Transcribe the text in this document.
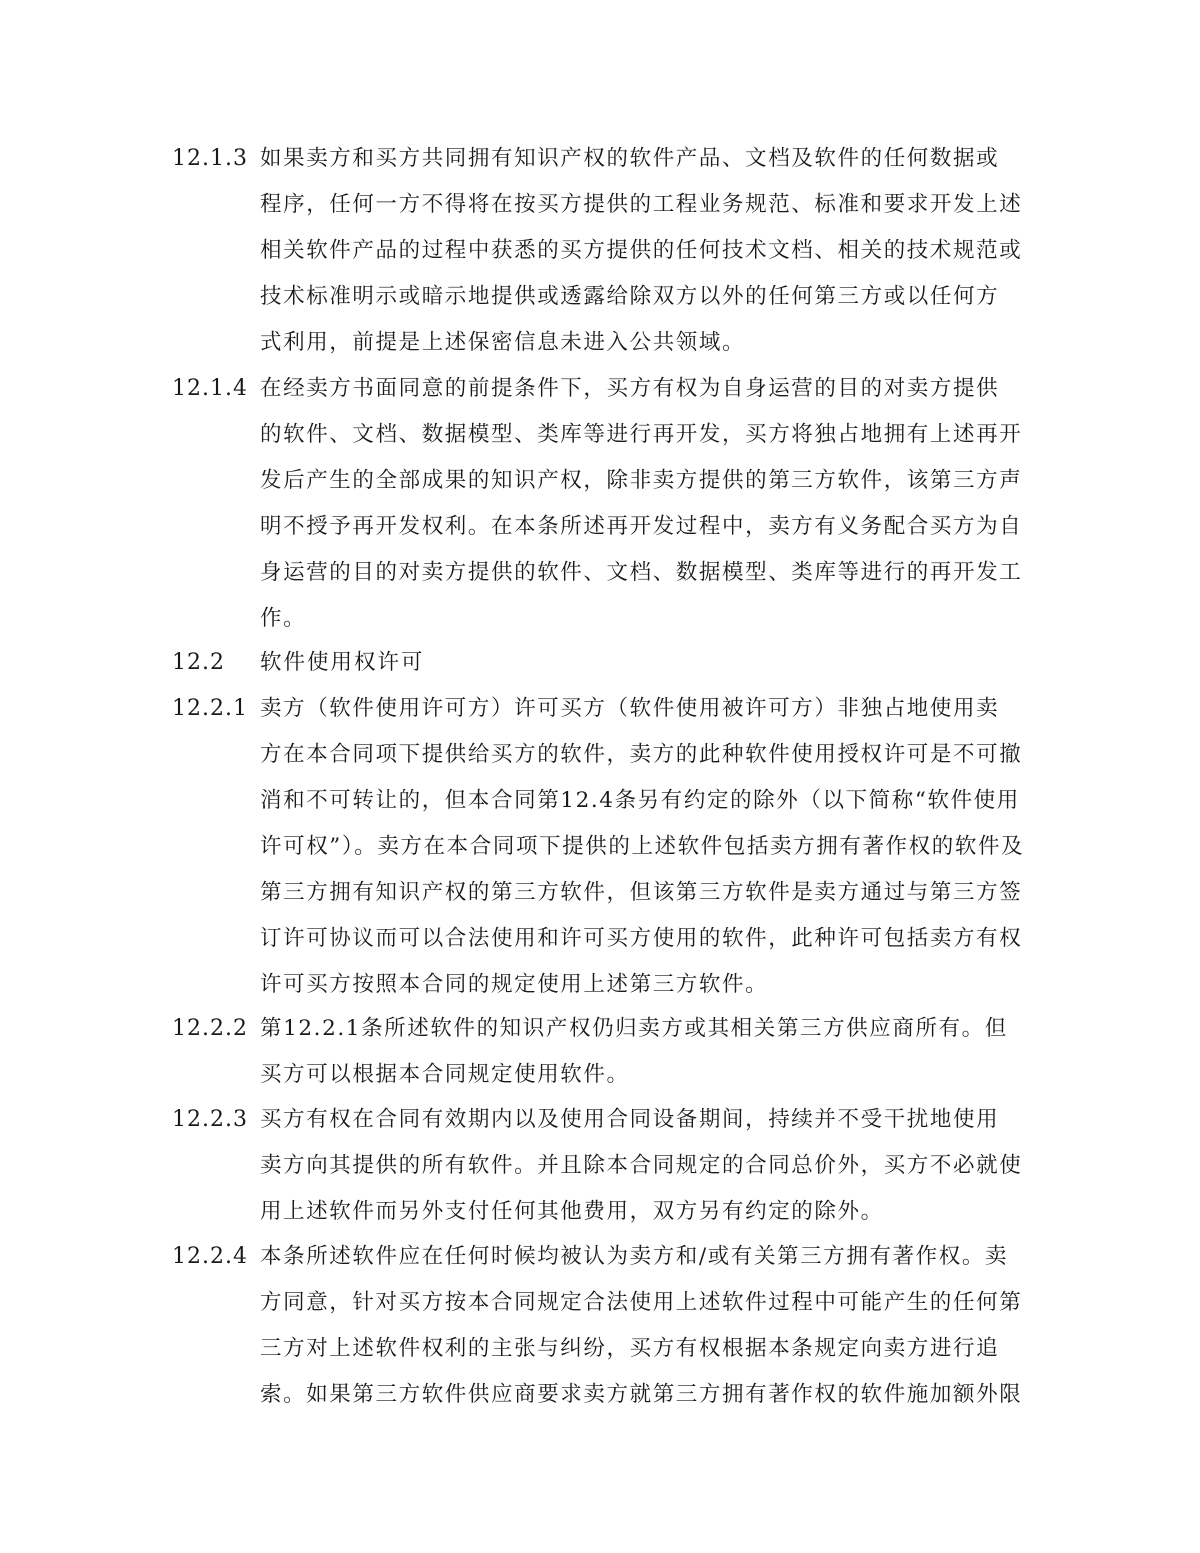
12.1.3 如果卖方和买方共同拥有知识产权的软件产品、文档及软件的任何数据或
程序，任何一方不得将在按买方提供的工程业务规范、标准和要求开发上述
相关软件产品的过程中获悉的买方提供的任何技术文档、相关的技术规范或
技术标准明示或暗示地提供或透露给除双方以外的任何第三方或以任何方
式利用，前提是上述保密信息未进入公共领域。
12.1.4 在经卖方书面同意的前提条件下，买方有权为自身运营的目的对卖方提供
的软件、文档、数据模型、类库等进行再开发，买方将独占地拥有上述再开
发后产生的全部成果的知识产权，除非卖方提供的第三方软件，该第三方声
明不授予再开发权利。在本条所述再开发过程中，卖方有义务配合买方为自
身运营的目的对卖方提供的软件、文档、数据模型、类库等进行的再开发工
作。
12.2 软件使用权许可
12.2.1 卖方（软件使用许可方）许可买方（软件使用被许可方）非独占地使用卖
方在本合同项下提供给买方的软件，卖方的此种软件使用授权许可是不可撤
消和不可转让的，但本合同第12.4条另有约定的除外（以下简称“软件使用
许可权”）。卖方在本合同项下提供的上述软件包括卖方拥有著作权的软件及
第三方拥有知识产权的第三方软件，但该第三方软件是卖方通过与第三方签
订许可协议而可以合法使用和许可买方使用的软件，此种许可包括卖方有权
许可买方按照本合同的规定使用上述第三方软件。
12.2.2 第12.2.1条所述软件的知识产权仍归卖方或其相关第三方供应商所有。但
买方可以根据本合同规定使用软件。
12.2.3 买方有权在合同有效期内以及使用合同设备期间，持续并不受干扰地使用
卖方向其提供的所有软件。并且除本合同规定的合同总价外，买方不必就使
用上述软件而另外支付任何其他费用，双方另有约定的除外。
12.2.4 本条所述软件应在任何时候均被认为卖方和/或有关第三方拥有著作权。卖
方同意，针对买方按本合同规定合法使用上述软件过程中可能产生的任何第
三方对上述软件权利的主张与纠纷，买方有权根据本条规定向卖方进行追
索。如果第三方软件供应商要求卖方就第三方拥有著作权的软件施加额外限
